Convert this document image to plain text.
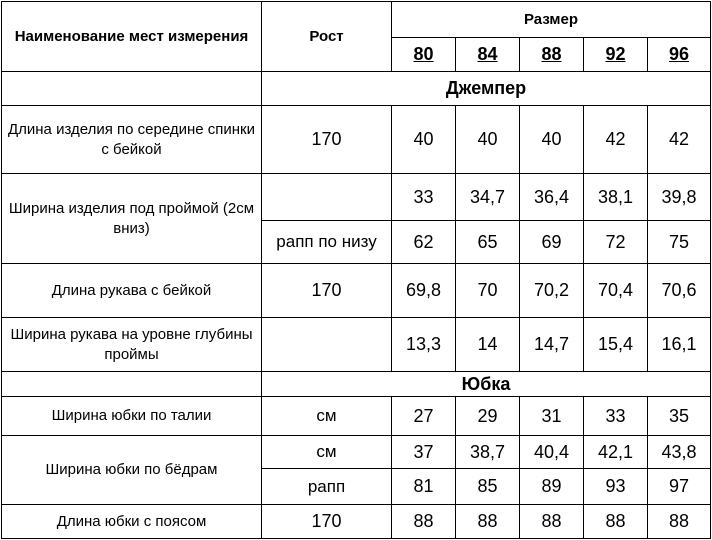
Наименование мест измерения	Рост	Размер				
		80	84	88	92	96
	Джемпер					
Длина изделия по середине спинки с бейкой	170	40	40	40	42	42
Ширина изделия под проймой (2см вниз)		33	34,7	36,4	38,1	39,8
	рапп по низу	62	65	69	72	75
Длина рукава с бейкой	170	69,8	70	70,2	70,4	70,6
Ширина рукава на уровне глубины проймы		13,3	14	14,7	15,4	16,1
	Юбка					
Ширина юбки по талии	см	27	29	31	33	35
Ширина юбки по бёдрам	см	37	38,7	40,4	42,1	43,8
	рапп	81	85	89	93	97
Длина юбки с поясом	170	88	88	88	88	88
